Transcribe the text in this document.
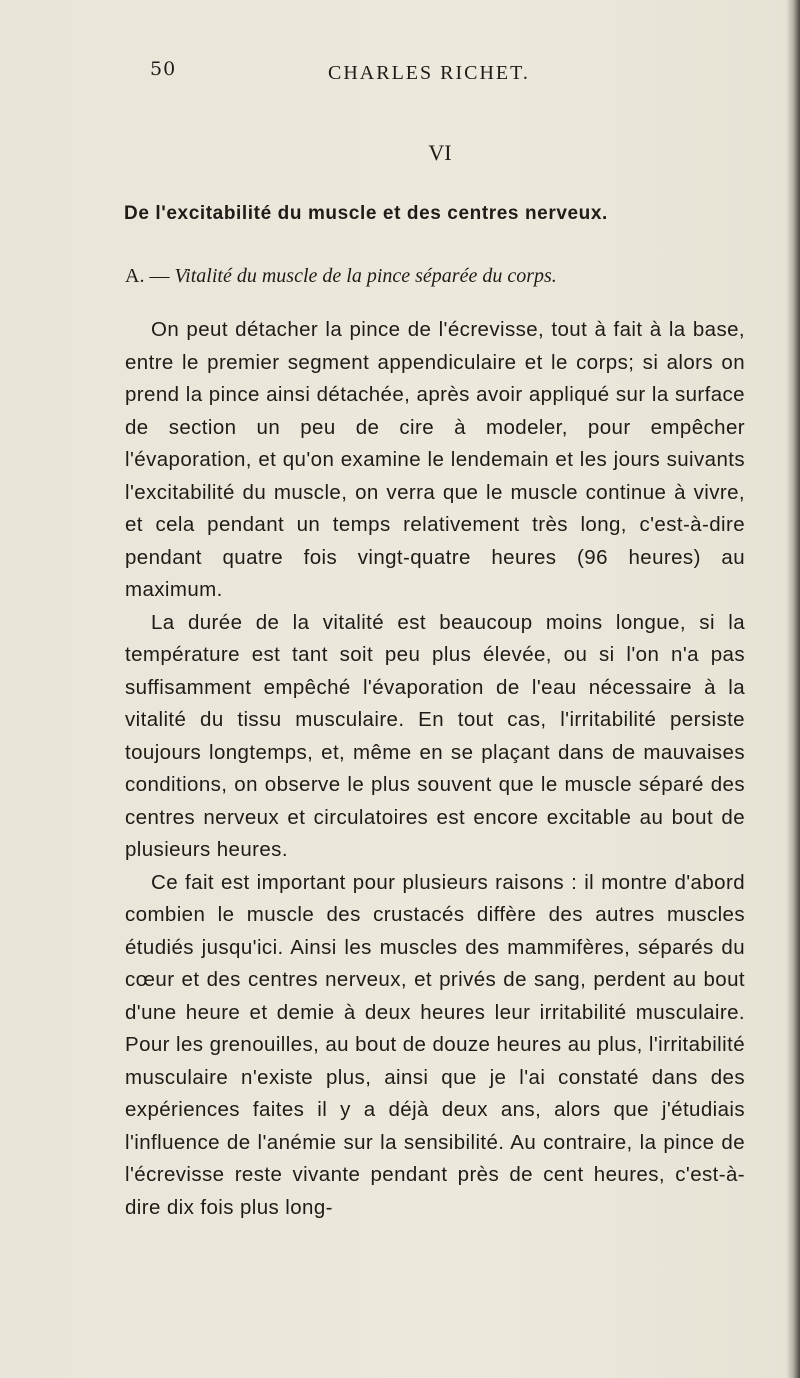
50	CHARLES RICHET.
VI
De l'excitabilité du muscle et des centres nerveux.
A. — Vitalité du muscle de la pince séparée du corps.

On peut détacher la pince de l'écrevisse, tout à fait à la base, entre le premier segment appendiculaire et le corps; si alors on prend la pince ainsi détachée, après avoir appliqué sur la surface de section un peu de cire à modeler, pour empêcher l'évaporation, et qu'on examine le lendemain et les jours suivants l'excitabilité du muscle, on verra que le muscle continue à vivre, et cela pendant un temps relativement très long, c'est-à-dire pendant quatre fois vingt-quatre heures (96 heures) au maximum.

La durée de la vitalité est beaucoup moins longue, si la température est tant soit peu plus élevée, ou si l'on n'a pas suffisamment empêché l'évaporation de l'eau nécessaire à la vitalité du tissu musculaire. En tout cas, l'irritabilité persiste toujours longtemps, et, même en se plaçant dans de mauvaises conditions, on observe le plus souvent que le muscle séparé des centres nerveux et circulatoires est encore excitable au bout de plusieurs heures.

Ce fait est important pour plusieurs raisons : il montre d'abord combien le muscle des crustacés diffère des autres muscles étudiés jusqu'ici. Ainsi les muscles des mammifères, séparés du cœur et des centres nerveux, et privés de sang, perdent au bout d'une heure et demie à deux heures leur irritabilité musculaire. Pour les grenouilles, au bout de douze heures au plus, l'irritabilité musculaire n'existe plus, ainsi que je l'ai constaté dans des expériences faites il y a déjà deux ans, alors que j'étudiais l'influence de l'anémie sur la sensibilité. Au contraire, la pince de l'écrevisse reste vivante pendant près de cent heures, c'est-à-dire dix fois plus long-
